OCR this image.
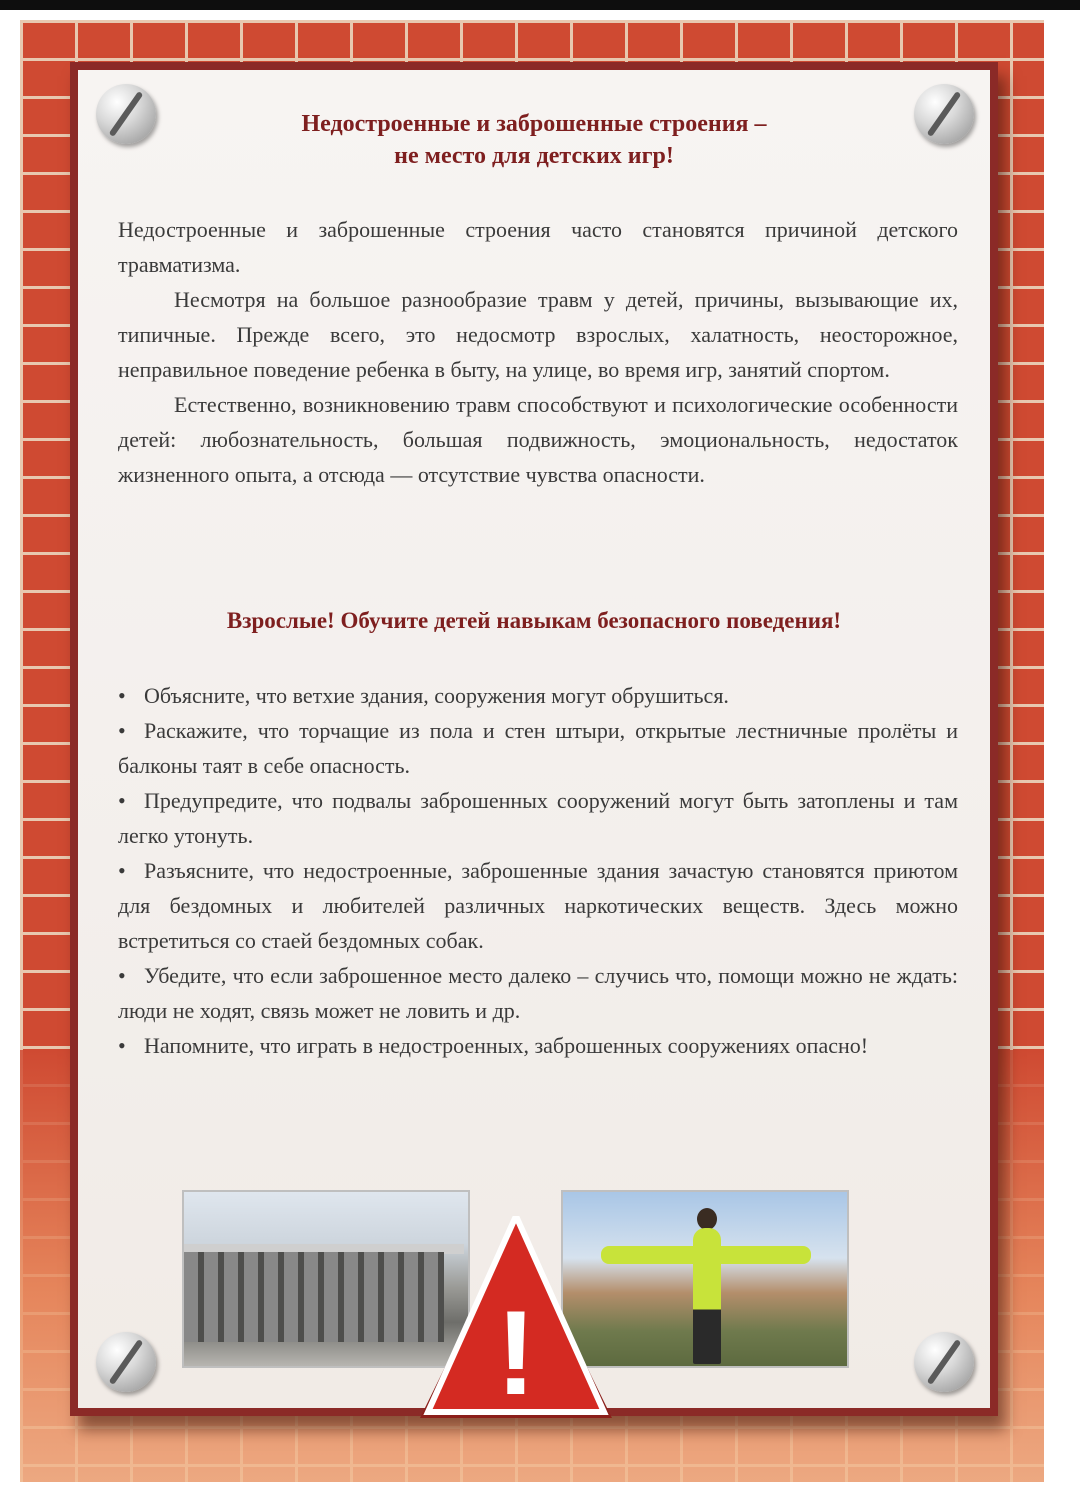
Недостроенные и заброшенные строения –
не место для детских игр!

Недостроенные и заброшенные строения часто становятся причиной детского травматизма.

Несмотря на большое разнообразие травм у детей, причины, вызывающие их, типичные. Прежде всего, это недосмотр взрослых, халатность, неосторожное, неправильное поведение ребенка в быту, на улице, во время игр, занятий спортом.

Естественно, возникновению травм способствуют и психологические особенности детей: любознательность, большая подвижность, эмоциональность, недостаток жизненного опыта, а отсюда — отсутствие чувства опасности.

Взрослые! Обучите детей навыкам безопасного поведения!
• Объясните, что ветхие здания, сооружения могут обрушиться.
• Раскажите, что торчащие из пола и стен штыри, открытые лестничные пролёты и балконы таят в себе опасность.
• Предупредите, что подвалы заброшенных сооружений могут быть затоплены и там легко утонуть.
• Разъясните, что недостроенные, заброшенные здания зачастую становятся приютом для бездомных и любителей различных наркотических веществ. Здесь можно встретиться со стаей бездомных собак.
• Убедите, что если заброшенное место далеко – случись что, помощи можно не ждать: люди не ходят, связь может не ловить и др.
• Напомните, что играть в недостроенных, заброшенных сооружениях опасно!
!
